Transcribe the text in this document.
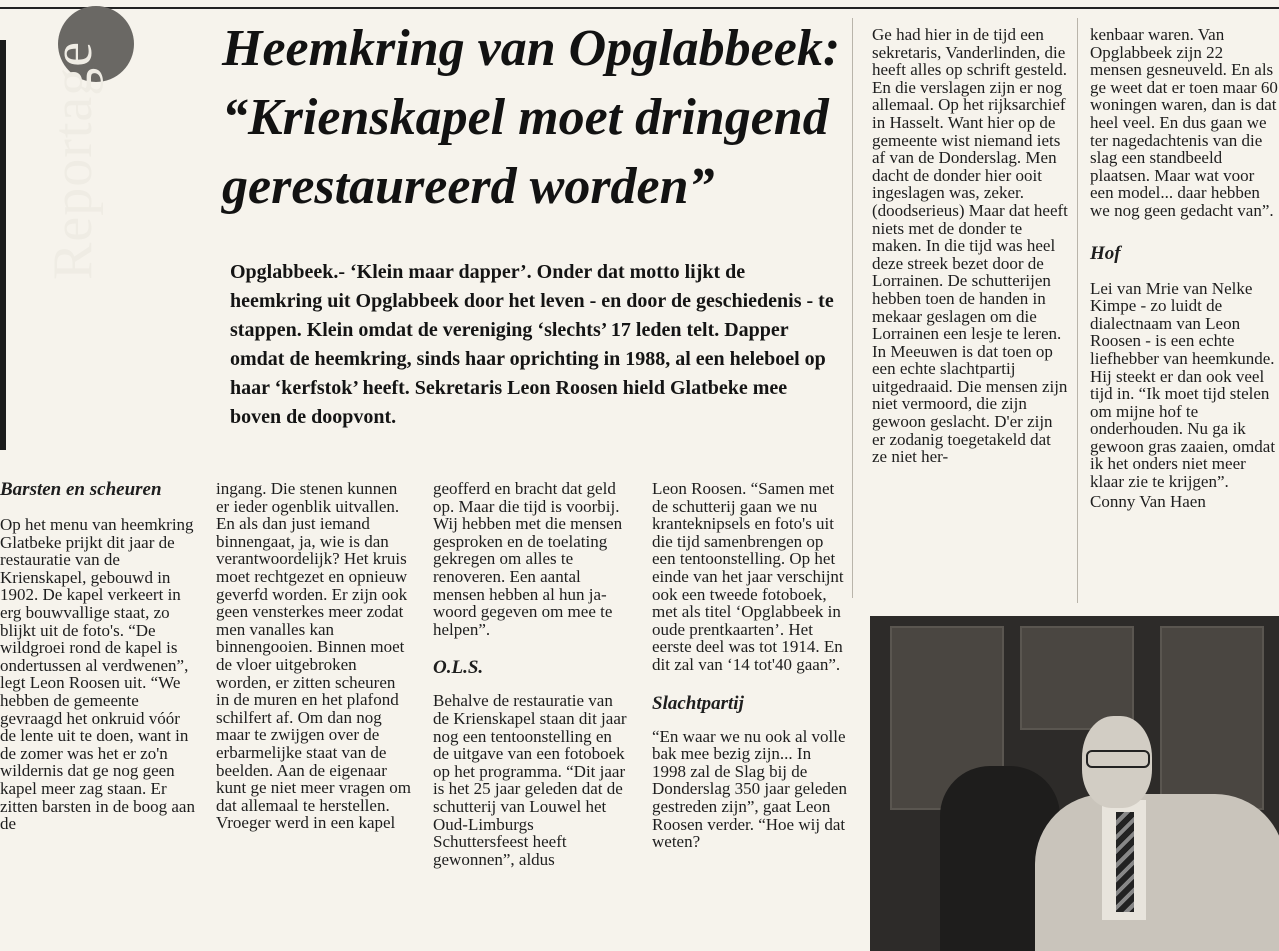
Reportage Heemkring van Opglabbeek:
“Krienskapel moet dringend
gerestaureerd worden”

Opglabbeek.- ‘Klein maar dapper’. Onder dat motto lijkt de heemkring uit Opglabbeek door het leven - en door de geschiedenis - te stappen. Klein omdat de vereniging ‘slechts’ 17 leden telt. Dapper omdat de heemkring, sinds haar oprichting in 1988, al een heleboel op haar ‘kerfstok’ heeft. Sekretaris Leon Roosen hield Glatbeke mee boven de doopvont.

Barsten en scheuren

Op het menu van heemkring Glatbeke prijkt dit jaar de restauratie van de Krienskapel, gebouwd in 1902. De kapel verkeert in erg bouwvallige staat, zo blijkt uit de foto's. “De wildgroei rond de kapel is ondertussen al verdwenen”, legt Leon Roosen uit. “We hebben de gemeente gevraagd het onkruid vóór de lente uit te doen, want in de zomer was het er zo'n wildernis dat ge nog geen kapel meer zag staan. Er zitten barsten in de boog aan de

ingang. Die stenen kunnen er ieder ogenblik uitvallen. En als dan just iemand binnengaat, ja, wie is dan verantwoordelijk? Het kruis moet rechtgezet en opnieuw geverfd worden. Er zijn ook geen vensterkes meer zodat men vanalles kan binnengooien. Binnen moet de vloer uitgebroken worden, er zitten scheuren in de muren en het plafond schilfert af. Om dan nog maar te zwijgen over de erbarmelijke staat van de beelden. Aan de eigenaar kunt ge niet meer vragen om dat allemaal te herstellen. Vroeger werd in een kapel

geofferd en bracht dat geld op. Maar die tijd is voorbij. Wij hebben met die mensen gesproken en de toelating gekregen om alles te renoveren. Een aantal mensen hebben al hun ja-woord gegeven om mee te helpen”.

O.L.S.

Behalve de restauratie van de Krienskapel staan dit jaar nog een tentoonstelling en de uitgave van een fotoboek op het programma. “Dit jaar is het 25 jaar geleden dat de schutterij van Louwel het Oud-Limburgs Schuttersfeest heeft gewonnen”, aldus

Leon Roosen. “Samen met de schutterij gaan we nu kranteknipsels en foto's uit die tijd samenbrengen op een tentoonstelling. Op het einde van het jaar verschijnt ook een tweede fotoboek, met als titel ‘Opglabbeek in oude prentkaarten’. Het eerste deel was tot 1914. En dit zal van ‘14 tot'40 gaan”.

Slachtpartij

“En waar we nu ook al volle bak mee bezig zijn... In 1998 zal de Slag bij de Donderslag 350 jaar geleden gestreden zijn”, gaat Leon Roosen verder. “Hoe wij dat weten?

Ge had hier in de tijd een sekretaris, Vanderlinden, die heeft alles op schrift gesteld. En die verslagen zijn er nog allemaal. Op het rijksarchief in Hasselt. Want hier op de gemeente wist niemand iets af van de Donderslag. Men dacht de donder hier ooit ingeslagen was, zeker. (doodserieus) Maar dat heeft niets met de donder te maken. In die tijd was heel deze streek bezet door de Lorrainen. De schutterijen hebben toen de handen in mekaar geslagen om die Lorrainen een lesje te leren. In Meeuwen is dat toen op een echte slachtpartij uitgedraaid. Die mensen zijn niet vermoord, die zijn gewoon geslacht. D'er zijn er zodanig toegetakeld dat ze niet her-

kenbaar waren. Van Opglabbeek zijn 22 mensen gesneuveld. En als ge weet dat er toen maar 60 woningen waren, dan is dat heel veel. En dus gaan we ter nagedachtenis van die slag een standbeeld plaatsen. Maar wat voor een model... daar hebben we nog geen gedacht van”.

Hof

Lei van Mrie van Nelke Kimpe - zo luidt de dialectnaam van Leon Roosen - is een echte liefhebber van heemkunde. Hij steekt er dan ook veel tijd in. “Ik moet tijd stelen om mijne hof te onderhouden. Nu ga ik gewoon gras zaaien, omdat ik het onders niet meer klaar zie te krijgen”.

Conny Van Haen
